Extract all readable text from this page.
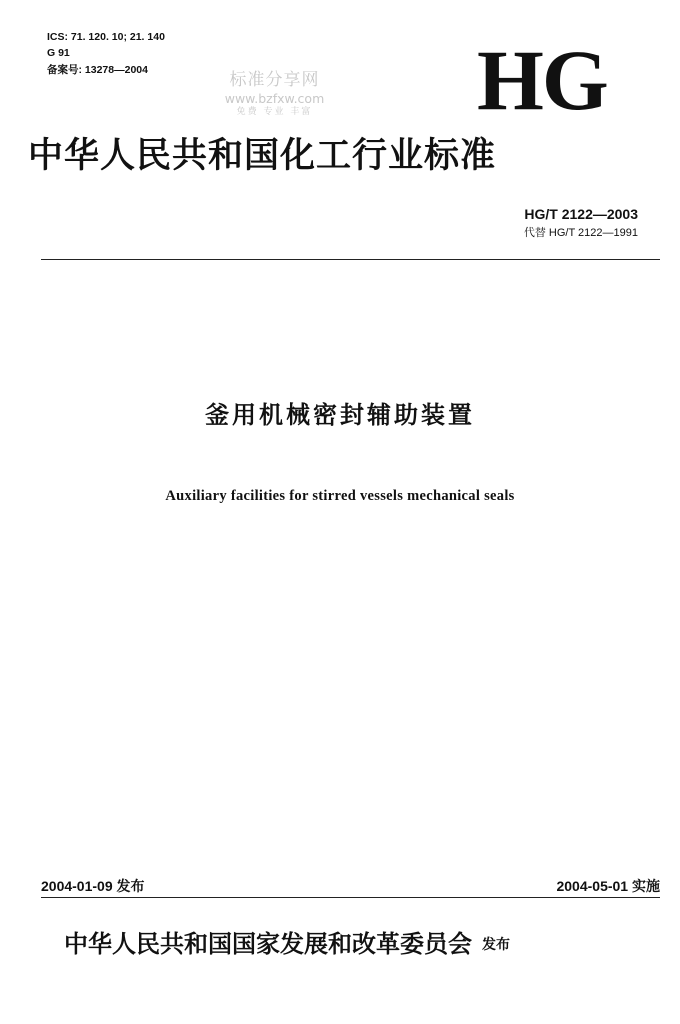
ICS: 71. 120. 10; 21. 140
G 91
备案号: 13278—2004	标准分享网
www.bzfxw.com
免费 专业 丰富 HG
中华人民共和国化工行业标准
HG/T 2122—2003
代替 HG/T 2122—1991
釜用机械密封辅助装置
Auxiliary facilities for stirred vessels mechanical seals
2004-01-09 发布	2004-05-01 实施
中华人民共和国国家发展和改革委员会 发布
